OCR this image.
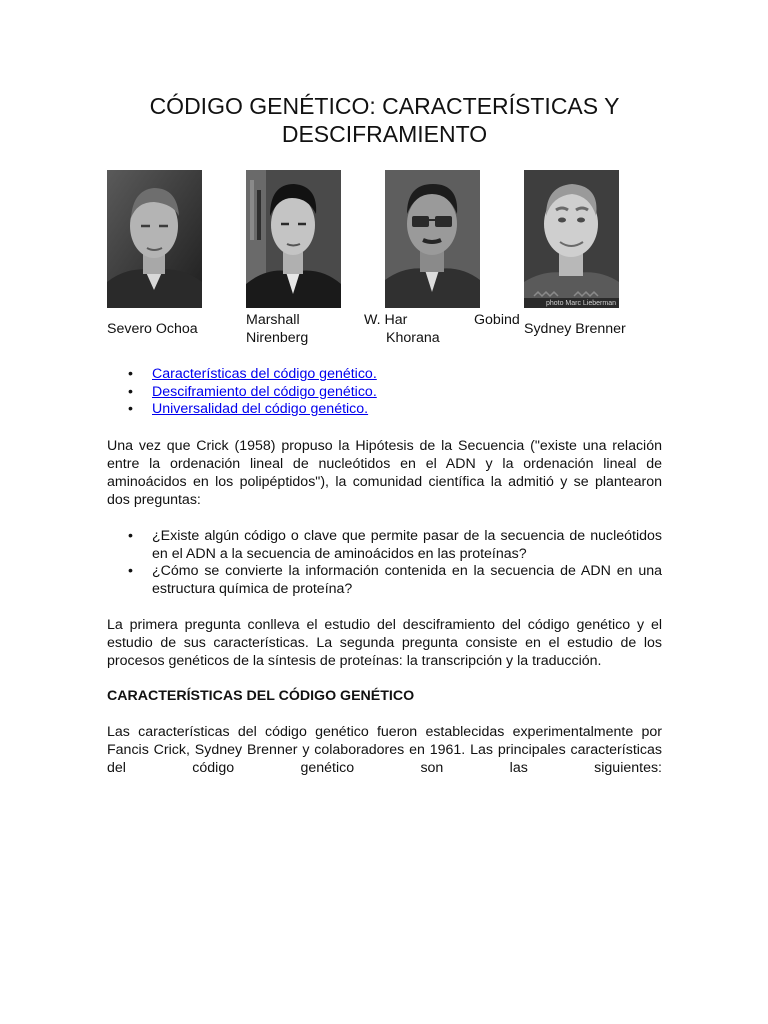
CÓDIGO GENÉTICO: CARACTERÍSTICAS Y DESCIFRAMIENTO
photo Marc Lieberman
Severo Ochoa
Marshall
Nirenberg
W. Har	Gobind
Khorana
Sydney Brenner
• Características del código genético.
• Desciframiento del código genético.
• Universalidad del código genético.

Una vez que Crick (1958) propuso la Hipótesis de la Secuencia ("existe una relación entre la ordenación lineal de nucleótidos en el ADN y la ordenación lineal de aminoácidos en los polipéptidos"), la comunidad científica la admitió y se plantearon dos preguntas:

• ¿Existe algún código o clave que permite pasar de la secuencia de nucleótidos en el ADN a la secuencia de aminoácidos en las proteínas?
• ¿Cómo se convierte la información contenida en la secuencia de ADN en una estructura química de proteína?

La primera pregunta conlleva el estudio del desciframiento del código genético y el estudio de sus características. La segunda pregunta consiste en el estudio de los procesos genéticos de la síntesis de proteínas: la transcripción y la traducción.

CARACTERÍSTICAS DEL CÓDIGO GENÉTICO

Las características del código genético fueron establecidas experimentalmente por Fancis Crick, Sydney Brenner y colaboradores en 1961. Las principales características del código genético son las siguientes:
